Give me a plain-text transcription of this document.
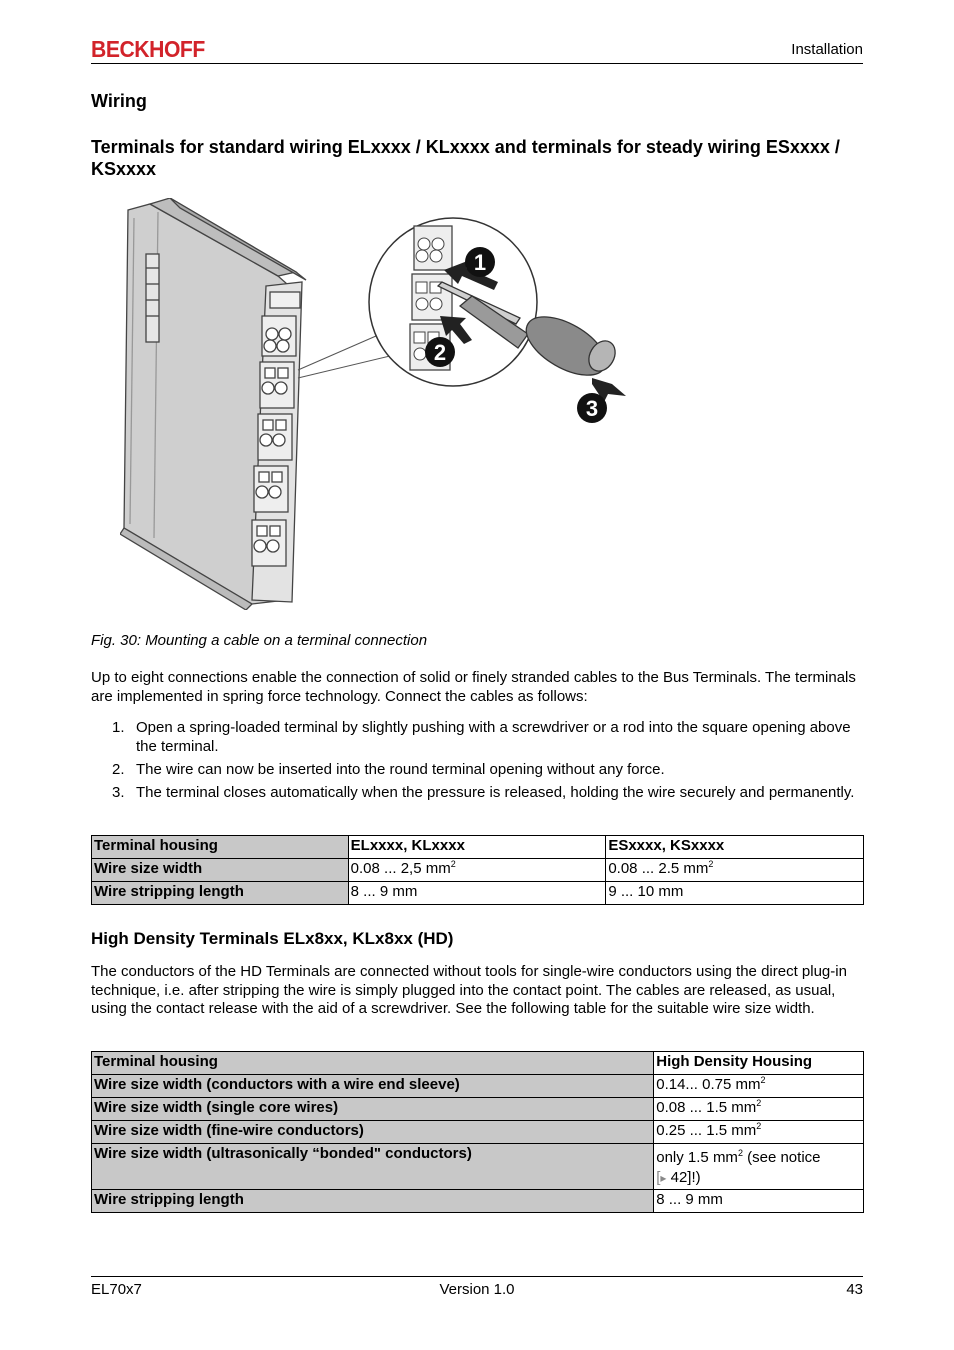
BECKHOFF	Installation
Wiring
Terminals for standard wiring ELxxxx / KLxxxx and terminals for steady wiring ESxxxx / KSxxxx
1
2
3
Fig. 30: Mounting a cable on a terminal connection

Up to eight connections enable the connection of solid or finely stranded cables to the Bus Terminals. The terminals are implemented in spring force technology. Connect the cables as follows:

1. Open a spring-loaded terminal by slightly pushing with a screwdriver or a rod into the square opening above the terminal.
2. The wire can now be inserted into the round terminal opening without any force.
3. The terminal closes automatically when the pressure is released, holding the wire securely and permanently.
Terminal housing	ELxxxx, KLxxxx	ESxxxx, KSxxxx
Wire size width	0.08 ... 2,5 $mm^2$	0.08 ... 2.5 $mm^2$
Wire stripping length	8 ... 9 mm	9 ... 10 mm
High Density Terminals ELx8xx, KLx8xx (HD)

The conductors of the HD Terminals are connected without tools for single-wire conductors using the direct plug-in technique, i.e. after stripping the wire is simply plugged into the contact point. The cables are released, as usual, using the contact release with the aid of a screwdriver. See the following table for the suitable wire size width.

Terminal housing	High Density Housing
Wire size width (conductors with a wire end sleeve)	0.14... 0.75 $mm^2$
Wire size width (single core wires)	0.08 ... 1.5 $mm^2$
Wire size width (fine-wire conductors)	0.25 ... 1.5 $mm^2$
Wire size width (ultrasonically “bonded" conductors)	only 1.5 $mm^2$ (see notice
[▸ 42]!)
Wire stripping length	8 ... 9 mm
EL70x7	Version 1.0	43
